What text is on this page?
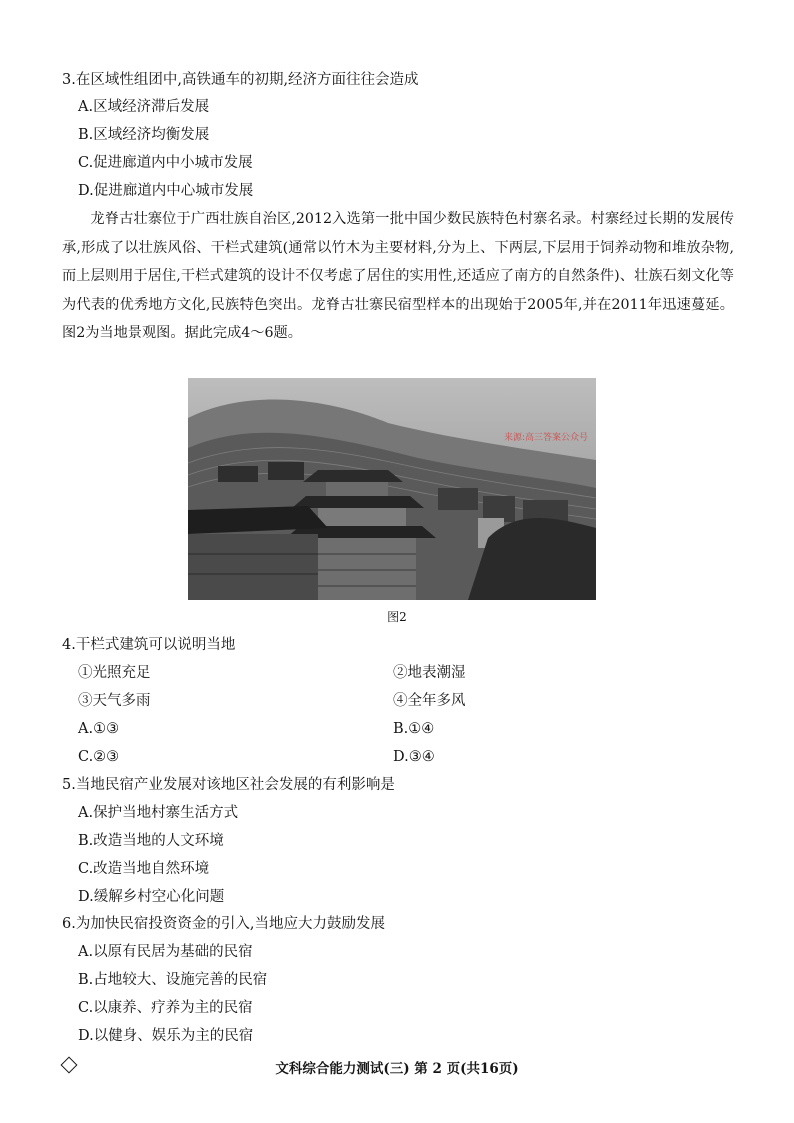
3.在区域性组团中,高铁通车的初期,经济方面往往会造成
A.区域经济滞后发展
B.区域经济均衡发展
C.促进廊道内中小城市发展
D.促进廊道内中心城市发展
龙脊古壮寨位于广西壮族自治区,2012入选第一批中国少数民族特色村寨名录。村寨经过长期的发展传承,形成了以壮族风俗、干栏式建筑(通常以竹木为主要材料,分为上、下两层,下层用于饲养动物和堆放杂物,而上层则用于居住,干栏式建筑的设计不仅考虑了居住的实用性,还适应了南方的自然条件)、壮族石刻文化等为代表的优秀地方文化,民族特色突出。龙脊古壮寨民宿型样本的出现始于2005年,并在2011年迅速蔓延。图2为当地景观图。据此完成4～6题。
来源:高三答案公众号
图2
4.干栏式建筑可以说明当地
①光照充足	②地表潮湿
③天气多雨	④全年多风
A.①③	B.①④
C.②③	D.③④
5.当地民宿产业发展对该地区社会发展的有利影响是
A.保护当地村寨生活方式
B.改造当地的人文环境
C.改造当地自然环境
D.缓解乡村空心化问题
6.为加快民宿投资资金的引入,当地应大力鼓励发展
A.以原有民居为基础的民宿
B.占地较大、设施完善的民宿
C.以康养、疗养为主的民宿
D.以健身、娱乐为主的民宿
文科综合能力测试(三) 第 2 页(共16页)
